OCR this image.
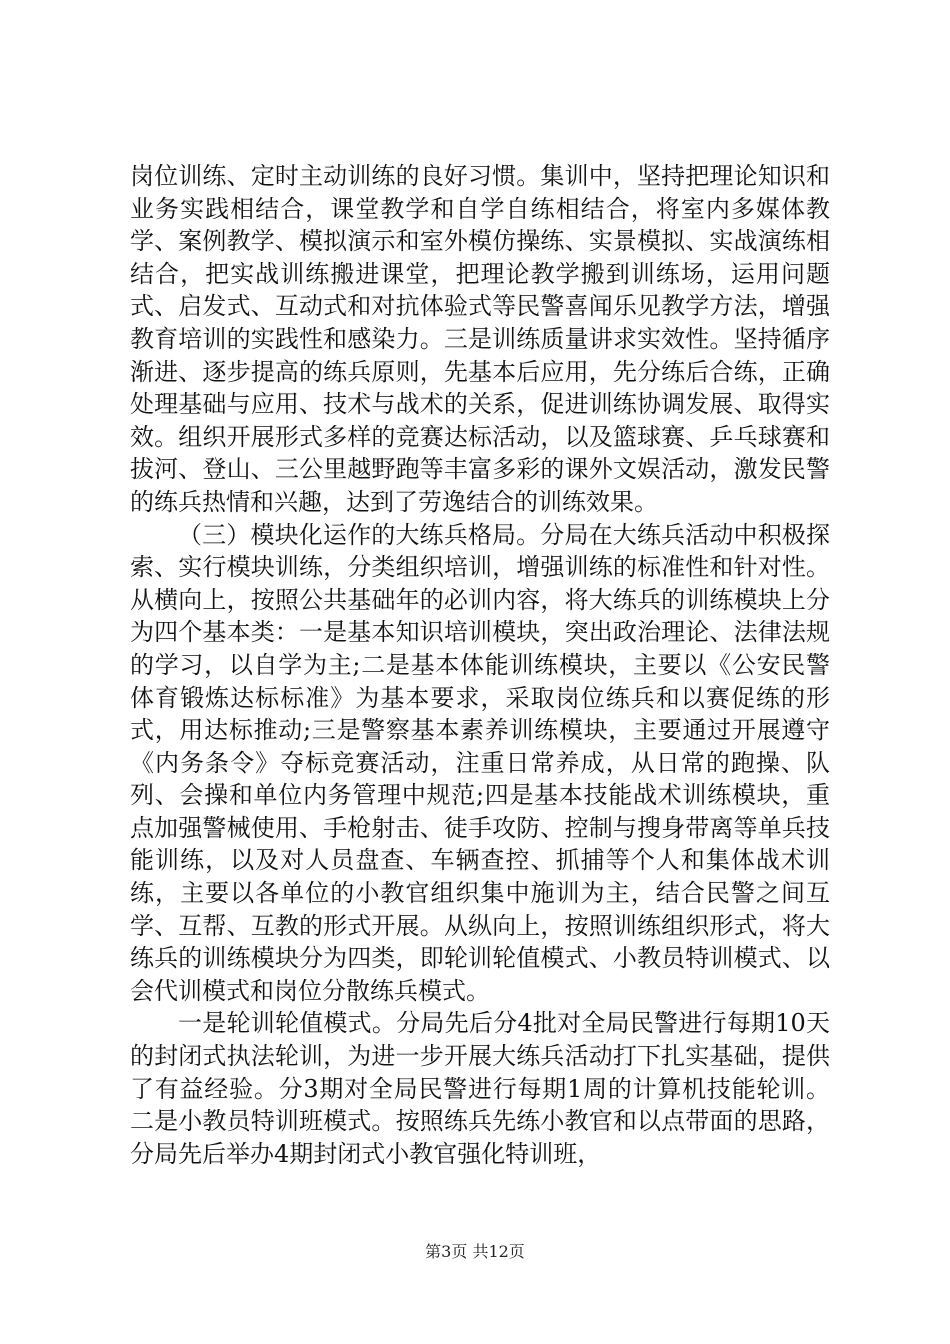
岗位训练、定时主动训练的良好习惯。集训中，坚持把理论知识和业务实践相结合，课堂教学和自学自练相结合，将室内多媒体教学、案例教学、模拟演示和室外模仿操练、实景模拟、实战演练相结合，把实战训练搬进课堂，把理论教学搬到训练场，运用问题式、启发式、互动式和对抗体验式等民警喜闻乐见教学方法，增强教育培训的实践性和感染力。三是训练质量讲求实效性。坚持循序渐进、逐步提高的练兵原则，先基本后应用，先分练后合练，正确处理基础与应用、技术与战术的关系，促进训练协调发展、取得实效。组织开展形式多样的竞赛达标活动，以及篮球赛、乒乓球赛和拔河、登山、三公里越野跑等丰富多彩的课外文娱活动，激发民警的练兵热情和兴趣，达到了劳逸结合的训练效果。

（三）模块化运作的大练兵格局。分局在大练兵活动中积极探索、实行模块训练，分类组织培训，增强训练的标准性和针对性。从横向上，按照公共基础年的必训内容，将大练兵的训练模块上分为四个基本类：一是基本知识培训模块，突出政治理论、法律法规的学习，以自学为主;二是基本体能训练模块，主要以《公安民警体育锻炼达标标准》为基本要求，采取岗位练兵和以赛促练的形式，用达标推动;三是警察基本素养训练模块，主要通过开展遵守《内务条令》夺标竞赛活动，注重日常养成，从日常的跑操、队列、会操和单位内务管理中规范;四是基本技能战术训练模块，重点加强警械使用、手枪射击、徒手攻防、控制与搜身带离等单兵技能训练，以及对人员盘查、车辆查控、抓捕等个人和集体战术训练，主要以各单位的小教官组织集中施训为主，结合民警之间互学、互帮、互教的形式开展。从纵向上，按照训练组织形式，将大练兵的训练模块分为四类，即轮训轮值模式、小教员特训模式、以会代训模式和岗位分散练兵模式。

一是轮训轮值模式。分局先后分4批对全局民警进行每期10天的封闭式执法轮训，为进一步开展大练兵活动打下扎实基础，提供了有益经验。分3期对全局民警进行每期1周的计算机技能轮训。二是小教员特训班模式。按照练兵先练小教官和以点带面的思路，分局先后举办4期封闭式小教官强化特训班，

第3页 共12页
